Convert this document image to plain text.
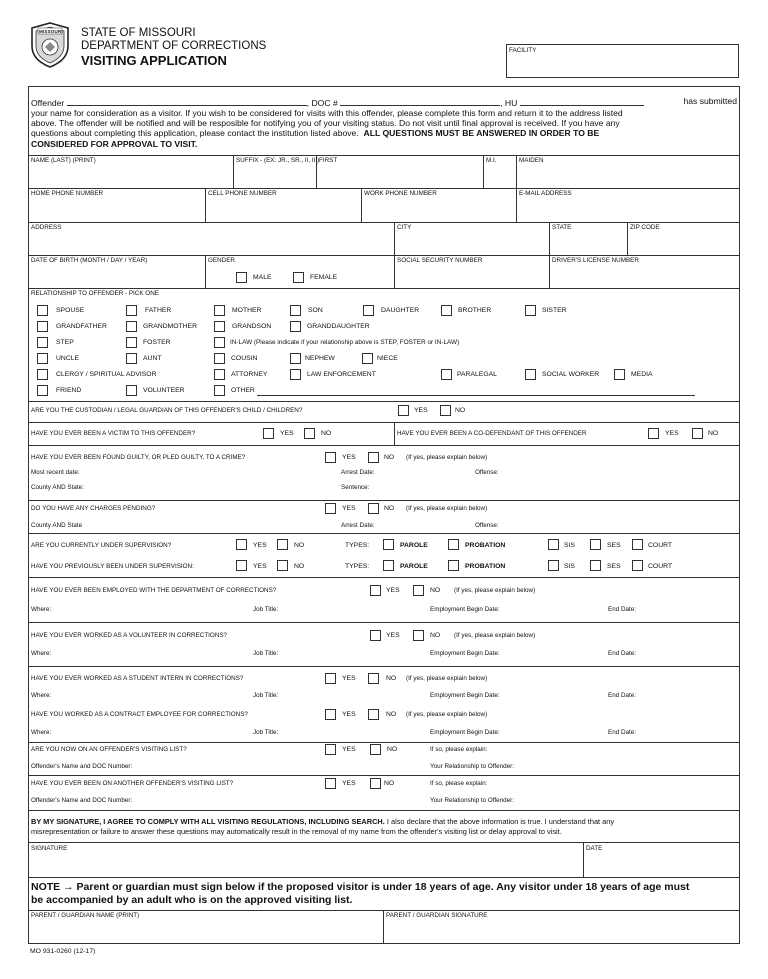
MISSOURI STATE OF MISSOURI
DEPARTMENT OF CORRECTIONS
VISITING APPLICATION
FACILITY
Offender	, DOC #	, HU	has submitted
your name for consideration as a visitor. If you wish to be considered for visits with this offender, please complete this form and return it to the address listed
above. The offender will be notified and will be resposible for notifying you of your visiting status. Do not visit until final approval is received. If you have any
questions about completing this application, please contact the institution listed above. ALL QUESTIONS MUST BE ANSWERED IN ORDER TO BE
CONSIDERED FOR APPROVAL TO VISIT.
NAME (LAST) (PRINT)	SUFFIX - (EX: JR., SR., II, III) FIRST	M.I.	MAIDEN
HOME PHONE NUMBER	CELL PHONE NUMBER	WORK PHONE NUMBER	E-MAIL ADDRESS
ADDRESS	CITY	STATE	ZIP CODE
DATE OF BIRTH (MONTH / DAY / YEAR)	GENDER
MALE	FEMALE
SOCIAL SECURITY NUMBER	DRIVER'S LICENSE NUMBER
RELATIONSHIP TO OFFENDER - PICK ONE
SPOUSE	FATHER	MOTHER	SON	DAUGHTER	BROTHER	SISTER
GRANDFATHER	GRANDMOTHER	GRANDSON	GRANDDAUGHTER
STEP	FOSTER	IN-LAW (Please indicate if your relationship above is STEP, FOSTER or IN-LAW)
UNCLE	AUNT	COUSIN	NEPHEW	NIECE
CLERGY / SPIRITUAL ADVISOR	ATTORNEY	LAW ENFORCEMENT	PARALEGAL	SOCIAL WORKER	MEDIA
FRIEND	VOLUNTEER	OTHER
ARE YOU THE CUSTODIAN / LEGAL GUARDIAN OF THIS OFFENDER'S CHILD / CHILDREN?	YES	NO
HAVE YOU EVER BEEN A VICTIM TO THIS OFFENDER?	YES	NO	HAVE YOU EVER BEEN A CO-DEFENDANT OF THIS OFFENDER	YES	NO
HAVE YOU EVER BEEN FOUND GUILTY, OR PLED GUILTY, TO A CRIME?	YES	NO (If yes, please explain below)
Most recent date:	Arrest Date:	Offense:
County AND State:	Sentence:
DO YOU HAVE ANY CHARGES PENDING?	YES	NO (If yes, please explain below)
County AND State	Arrest Date:	Offense:
ARE YOU CURRENTLY UNDER SUPERVISION?	YES	NO	TYPES:	PAROLE	PROBATION	SIS	SES	COURT
HAVE YOU PREVIOUSLY BEEN UNDER SUPERVISION:	YES	NO	TYPES:	PAROLE	PROBATION	SIS	SES	COURT
HAVE YOU EVER BEEN EMPLOYED WITH THE DEPARTMENT OF CORRECTIONS?	YES	NO (If yes, please explain below)
Where:	Job Title:	Employment Begin Date:	End Date:
HAVE YOU EVER WORKED AS A VOLUNTEER IN CORRECTIONS?	YES	NO (If yes, please explain below)
Where:	Job Title:	Employment Begin Date:	End Date:
HAVE YOU EVER WORKED AS A STUDENT INTERN IN CORRECTIONS?	YES	NO (If yes, please explain below)
Where:	Job Title:	Employment Begin Date:	End Date:
HAVE YOU WORKED AS A CONTRACT EMPLOYEE FOR CORRECTIONS?	YES	NO (If yes, please explain below)
Where:	Job Title:	Employment Begin Date:	End Date:
ARE YOU NOW ON AN OFFENDER'S VISITING LIST?	YES	NO	If so, please explain:
Offender's Name and DOC Number:	Your Relationship to Offender:
HAVE YOU EVER BEEN ON ANOTHER OFFENDER'S VISITING LIST?	YES	NO	If so, please explain:
Offender's Name and DOC Number:	Your Relationship to Offender:
BY MY SIGNATURE, I AGREE TO COMPLY WITH ALL VISITING REGULATIONS, INCLUDING SEARCH. I also declare that the above information is true. I understand that any
misrepresentation or failure to answer these questions may automatically result in the removal of my name from the offender's visiting list or delay approval to visit.
SIGNATURE	DATE
NOTE → Parent or guardian must sign below if the proposed visitor is under 18 years of age. Any visitor under 18 years of age must
be accompanied by an adult who is on the approved visiting list.
PARENT / GUARDIAN NAME (PRINT)	PARENT / GUARDIAN SIGNATURE
MO 931-0260 (12-17)
